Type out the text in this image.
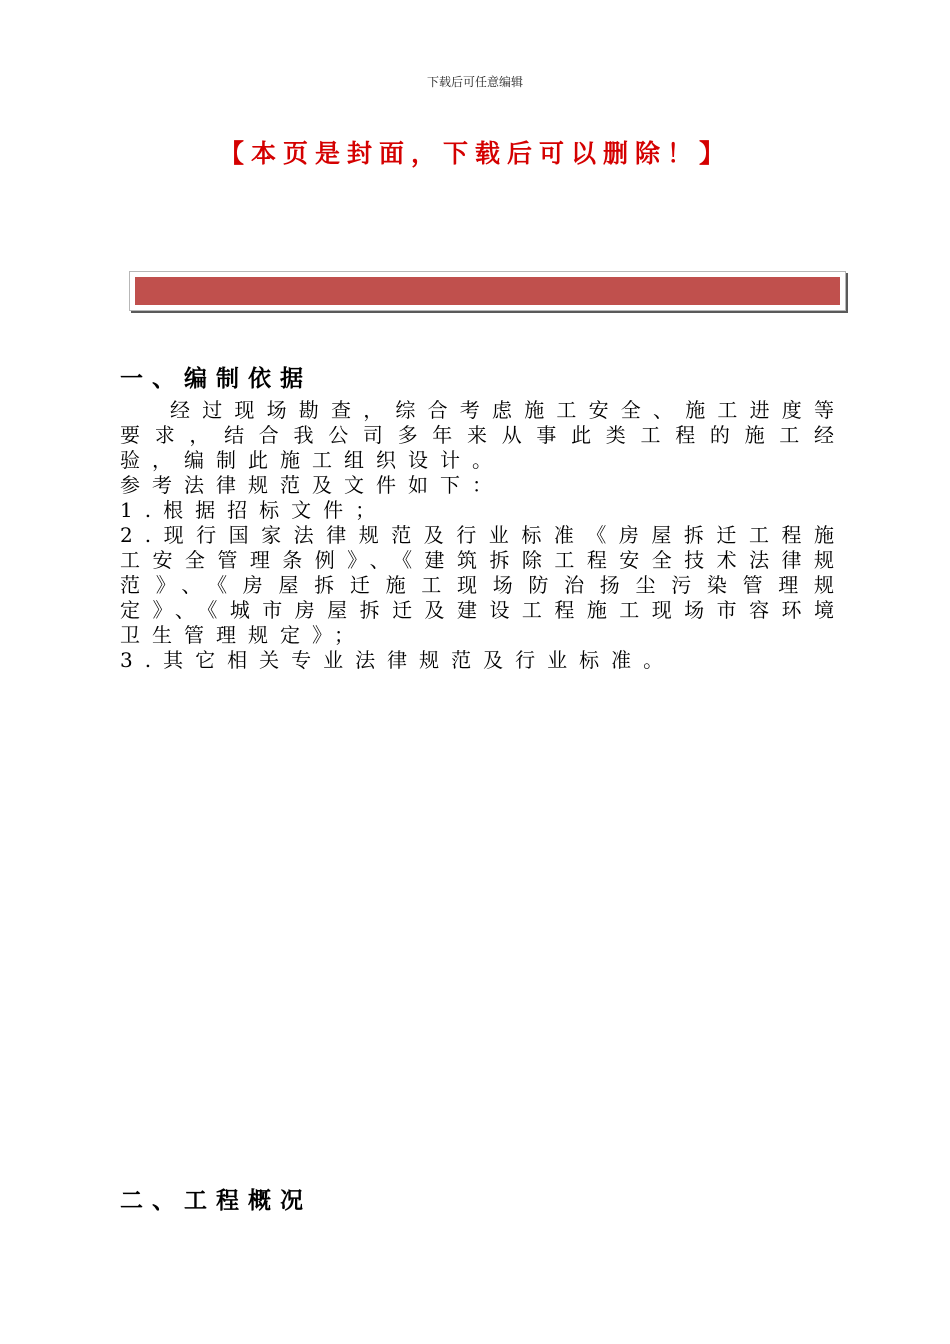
下载后可任意编辑
【本页是封面，下载后可以删除！】
一、编制依据

经过现场勘查，综合考虑施工安全、施工进度等要求，结合我公司多年来从事此类工程的施工经验，编制此施工组织设计。

参考法律规范及文件如下：

1.根据招标文件；

2.现行国家法律规范及行业标准《房屋拆迁工程施工安全管理条例》、《建筑拆除工程安全技术法律规范》、《房屋拆迁施工现场防治扬尘污染管理规定》、《城市房屋拆迁及建设工程施工现场市容环境卫生管理规定》；

3.其它相关专业法律规范及行业标准。

二、工程概况
